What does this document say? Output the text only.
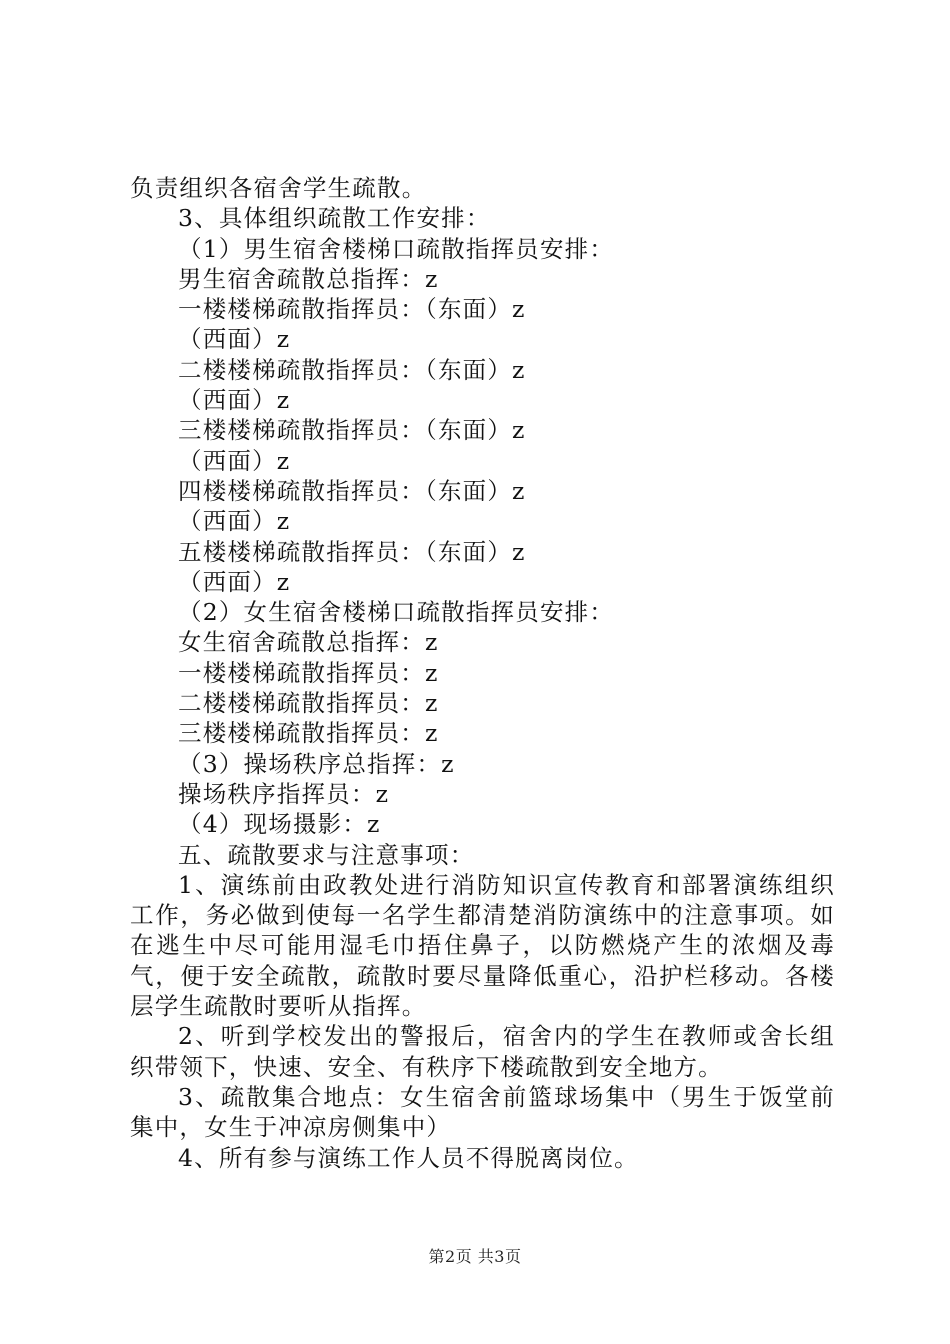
负责组织各宿舍学生疏散。
3、具体组织疏散工作安排：
（1）男生宿舍楼梯口疏散指挥员安排：
男生宿舍疏散总指挥：z
一楼楼梯疏散指挥员：（东面）z
（西面）z
二楼楼梯疏散指挥员：（东面）z
（西面）z
三楼楼梯疏散指挥员：（东面）z
（西面）z
四楼楼梯疏散指挥员：（东面）z
（西面）z
五楼楼梯疏散指挥员：（东面）z
（西面）z
（2）女生宿舍楼梯口疏散指挥员安排：
女生宿舍疏散总指挥：z
一楼楼梯疏散指挥员：z
二楼楼梯疏散指挥员：z
三楼楼梯疏散指挥员：z
（3）操场秩序总指挥：z
操场秩序指挥员：z
（4）现场摄影：z
五、疏散要求与注意事项：
1、演练前由政教处进行消防知识宣传教育和部署演练组织工作，务必做到使每一名学生都清楚消防演练中的注意事项。如在逃生中尽可能用湿毛巾捂住鼻子，以防燃烧产生的浓烟及毒气，便于安全疏散，疏散时要尽量降低重心，沿护栏移动。各楼层学生疏散时要听从指挥。
2、听到学校发出的警报后，宿舍内的学生在教师或舍长组织带领下，快速、安全、有秩序下楼疏散到安全地方。
3、疏散集合地点：女生宿舍前篮球场集中（男生于饭堂前集中，女生于冲凉房侧集中）
4、所有参与演练工作人员不得脱离岗位。
第2页 共3页
